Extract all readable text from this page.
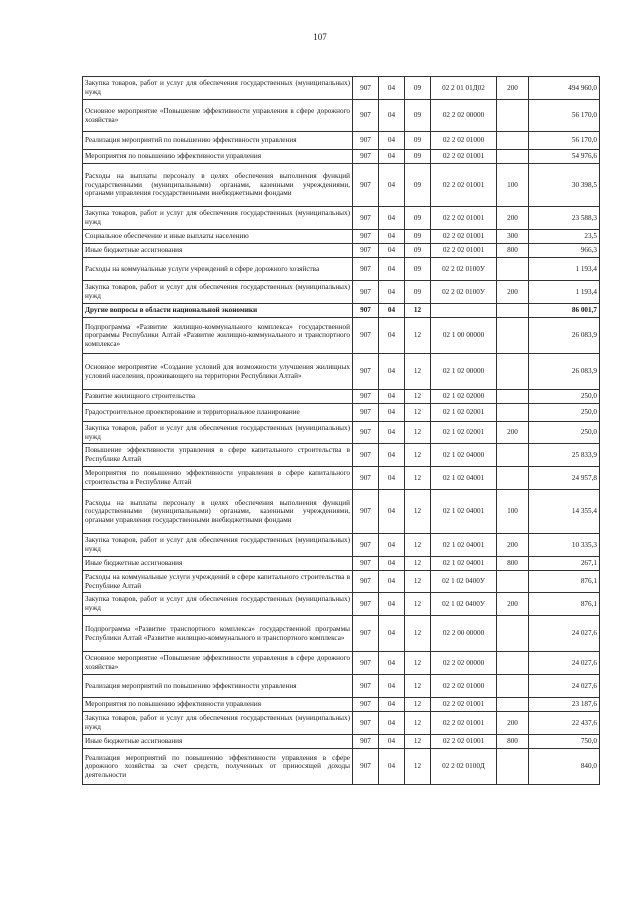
107
Закупка товаров, работ и услуг для обеспечения государственных (муниципальных) нужд	907	04	09	02 2 01 01Д02	200	494 960,0
Основное мероприятие «Повышение эффективности управления в сфере дорожного хозяйства»	907	04	09	02 2 02 00000		56 170,0
Реализация мероприятий по повышению эффективности управления	907	04	09	02 2 02 01000		56 170,0
Мероприятия по повышению эффективности управления	907	04	09	02 2 02 01001		54 976,6
Расходы на выплаты персоналу в целях обеспечения выполнения функций государственными (муниципальными) органами, казенными учреждениями, органами управления государственными внебюджетными фондами	907	04	09	02 2 02 01001	100	30 398,5
Закупка товаров, работ и услуг для обеспечения государственных (муниципальных) нужд	907	04	09	02 2 02 01001	200	23 588,3
Социальное обеспечение и иные выплаты населению	907	04	09	02 2 02 01001	300	23,5
Иные бюджетные ассигнования	907	04	09	02 2 02 01001	800	966,3
Расходы на коммунальные услуги учреждений в сфере дорожного хозяйства	907	04	09	02 2 02 0100У		1 193,4
Закупка товаров, работ и услуг для обеспечения государственных (муниципальных) нужд	907	04	09	02 2 02 0100У	200	1 193,4
Другие вопросы в области национальной экономики	907	04	12			86 001,7
Подпрограмма «Развитие жилищно-коммунального комплекса» государственной программы Республики Алтай «Развитие жилищно-коммунального и транспортного комплекса»	907	04	12	02 1 00 00000		26 083,9
Основное мероприятие «Создание условий для возможности улучшения жилищных условий населения, проживающего на территории Республики Алтай»	907	04	12	02 1 02 00000		26 083,9
Развитие жилищного строительства	907	04	12	02 1 02 02000		250,0
Градостроительное проектирование и территориальное планирование	907	04	12	02 1 02 02001		250,0
Закупка товаров, работ и услуг для обеспечения государственных (муниципальных) нужд	907	04	12	02 1 02 02001	200	250,0
Повышение эффективности управления в сфере капитального строительства в Республике Алтай	907	04	12	02 1 02 04000		25 833,9
Мероприятия по повышению эффективности управления в сфере капитального строительства в Республике Алтай	907	04	12	02 1 02 04001		24 957,8
Расходы на выплаты персоналу в целях обеспечения выполнения функций государственными (муниципальными) органами, казенными учреждениями, органами управления государственными внебюджетными фондами	907	04	12	02 1 02 04001	100	14 355,4
Закупка товаров, работ и услуг для обеспечения государственных (муниципальных) нужд	907	04	12	02 1 02 04001	200	10 335,3
Иные бюджетные ассигнования	907	04	12	02 1 02 04001	800	267,1
Расходы на коммунальные услуги учреждений в сфере капитального строительства в Республике Алтай	907	04	12	02 1 02 0400У		876,1
Закупка товаров, работ и услуг для обеспечения государственных (муниципальных) нужд	907	04	12	02 1 02 0400У	200	876,1
Подпрограмма «Развитие транспортного комплекса» государственной программы Республики Алтай «Развитие жилищно-коммунального и транспортного комплекса»	907	04	12	02 2 00 00000		24 027,6
Основное мероприятие «Повышение эффективности управления в сфере дорожного хозяйства»	907	04	12	02 2 02 00000		24 027,6
Реализация мероприятий по повышению эффективности управления	907	04	12	02 2 02 01000		24 027,6
Мероприятия по повышению эффективности управления	907	04	12	02 2 02 01001		23 187,6
Закупка товаров, работ и услуг для обеспечения государственных (муниципальных) нужд	907	04	12	02 2 02 01001	200	22 437,6
Иные бюджетные ассигнования	907	04	12	02 2 02 01001	800	750,0
Реализация мероприятий по повышению эффективности управления в сфере дорожного хозяйства за счет средств, полученных от приносящей доходы деятельности	907	04	12	02 2 02 0100Д		840,0
